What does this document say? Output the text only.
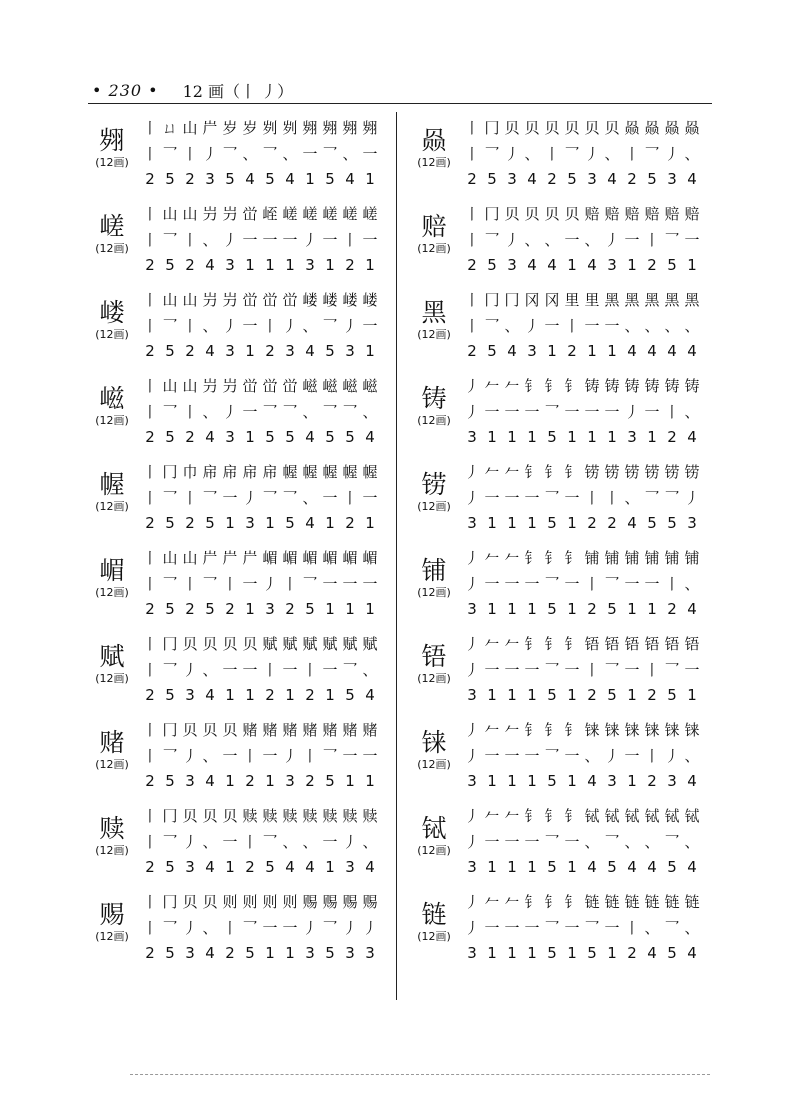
• 230 • 12 画（丨 丿）
翙
(12画)
丨 ㄩ 山 屵 岁 岁 刿 刿 翙 翙 翙 翙
丨 乛 丨 丿 乛 、 乛 、 一 乛 、 一
2 5 2 3 5 4 5 4 1 5 4 1
嵯
(12画)
丨 山 山 屶 屶 峃 峌 嵯 嵯 嵯 嵯 嵯
丨 乛 丨 、 丿 一 一 一 丿 一 丨 一
2 5 2 4 3 1 1 1 3 1 2 1
嵝
(12画)
丨 山 山 屶 屶 峃 峃 峃 嵝 嵝 嵝 嵝
丨 乛 丨 、 丿 一 丨 丿 、 乛 丿 一
2 5 2 4 3 1 2 3 4 5 3 1
嵫
(12画)
丨 山 山 屶 屶 峃 峃 峃 嵫 嵫 嵫 嵫
丨 乛 丨 、 丿 一 乛 乛 、 乛 乛 、
2 5 2 4 3 1 5 5 4 5 5 4
幄
(12画)
丨 冂 巾 帍 帍 帍 帍 幄 幄 幄 幄 幄
丨 乛 丨 乛 一 丿 乛 乛 、 一 丨 一
2 5 2 5 1 3 1 5 4 1 2 1
嵋
(12画)
丨 山 山 屵 屵 屵 嵋 嵋 嵋 嵋 嵋 嵋
丨 乛 丨 乛 丨 一 丿 丨 乛 一 一 一
2 5 2 5 2 1 3 2 5 1 1 1
赋
(12画)
丨 冂 贝 贝 贝 贝 赋 赋 赋 赋 赋 赋
丨 乛 丿 、 一 一 丨 一 丨 一 乛 、
2 5 3 4 1 1 2 1 2 1 5 4
赌
(12画)
丨 冂 贝 贝 贝 赌 赌 赌 赌 赌 赌 赌
丨 乛 丿 、 一 丨 一 丿 丨 乛 一 一
2 5 3 4 1 2 1 3 2 5 1 1
赎
(12画)
丨 冂 贝 贝 贝 赎 赎 赎 赎 赎 赎 赎
丨 乛 丿 、 一 丨 乛 、 、 一 丿 、
2 5 3 4 1 2 5 4 4 1 3 4
赐
(12画)
丨 冂 贝 贝 则 则 则 则 赐 赐 赐 赐
丨 乛 丿 、 丨 乛 一 一 丿 乛 丿 丿
2 5 3 4 2 5 1 1 3 5 3 3
赑
(12画)
丨 冂 贝 贝 贝 贝 贝 贝 赑 赑 赑 赑
丨 乛 丿 、 丨 乛 丿 、 丨 乛 丿 、
2 5 3 4 2 5 3 4 2 5 3 4
赔
(12画)
丨 冂 贝 贝 贝 贝 赔 赔 赔 赔 赔 赔
丨 乛 丿 、 、 一 、 丿 一 丨 乛 一
2 5 3 4 4 1 4 3 1 2 5 1
黑
(12画)
丨 冂 冂 冈 冈 里 里 黑 黑 黑 黑 黑
丨 乛 、 丿 一 丨 一 一 、 、 、 、
2 5 4 3 1 2 1 1 4 4 4 4
铸
(12画)
丿 𠂉 𠂉 钅 钅 钅 铸 铸 铸 铸 铸 铸
丿 一 一 一 乛 一 一 一 丿 一 丨 、
3 1 1 1 5 1 1 1 3 1 2 4
铹
(12画)
丿 𠂉 𠂉 钅 钅 钅 铹 铹 铹 铹 铹 铹
丿 一 一 一 乛 一 丨 丨 、 乛 乛 丿
3 1 1 1 5 1 2 2 4 5 5 3
铺
(12画)
丿 𠂉 𠂉 钅 钅 钅 铺 铺 铺 铺 铺 铺
丿 一 一 一 乛 一 丨 乛 一 一 丨 、
3 1 1 1 5 1 2 5 1 1 2 4
铻
(12画)
丿 𠂉 𠂉 钅 钅 钅 铻 铻 铻 铻 铻 铻
丿 一 一 一 乛 一 丨 乛 一 丨 乛 一
3 1 1 1 5 1 2 5 1 2 5 1
铼
(12画)
丿 𠂉 𠂉 钅 钅 钅 铼 铼 铼 铼 铼 铼
丿 一 一 一 乛 一 、 丿 一 丨 丿 、
3 1 1 1 5 1 4 3 1 2 3 4
铽
(12画)
丿 𠂉 𠂉 钅 钅 钅 铽 铽 铽 铽 铽 铽
丿 一 一 一 乛 一 、 乛 、 、 乛 、
3 1 1 1 5 1 4 5 4 4 5 4
链
(12画)
丿 𠂉 𠂉 钅 钅 钅 链 链 链 链 链 链
丿 一 一 一 乛 一 乛 一 丨 、 乛 、
3 1 1 1 5 1 5 1 2 4 5 4
